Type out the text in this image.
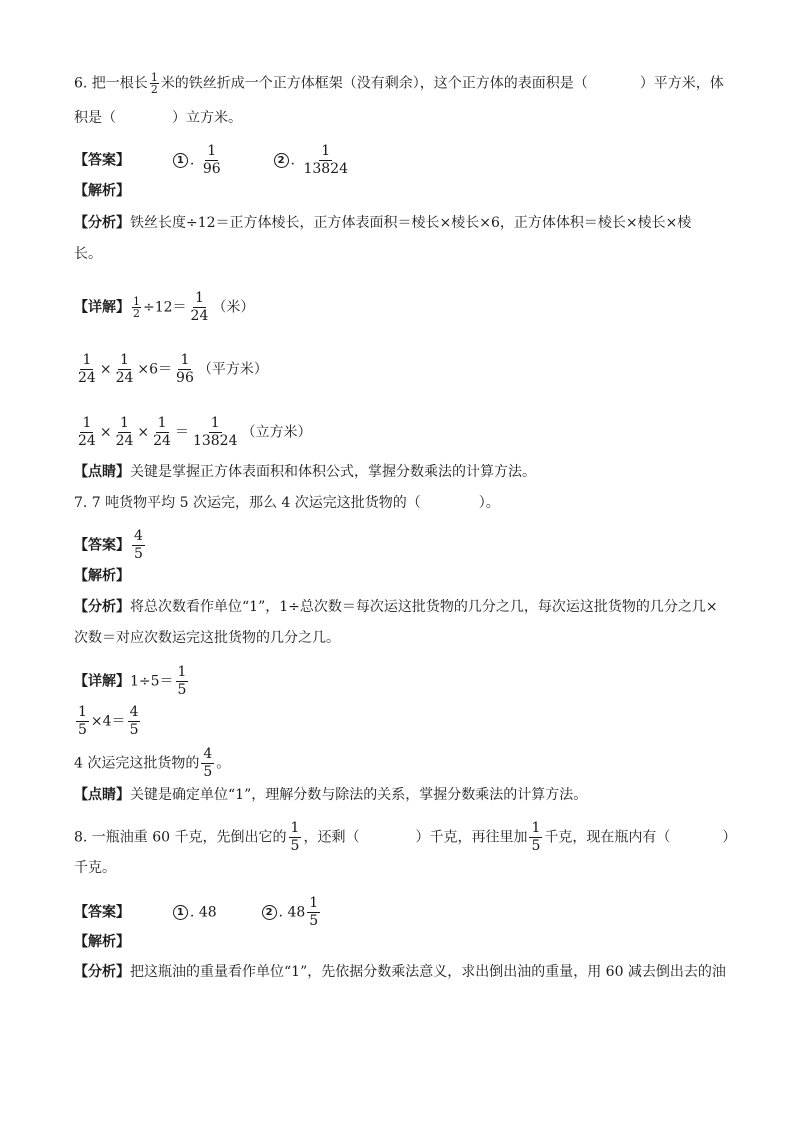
6. 把一根长 $\frac{1}{2}$ 米的铁丝折成一个正方体框架（没有剩余），这个正方体的表面积是（	）平方米，体
积是（	）立方米。
【答案】	1 . $\frac{1}{96}$	2 . $\frac{1}{13824}$
【解析】
【分析】铁丝长度÷12＝正方体棱长，正方体表面积＝棱长×棱长×6，正方体体积＝棱长×棱长×棱
长。
【详解】 $\frac{1}{2} \div 12= \frac{1}{24}$ （米）
$\frac{1}{24} \times \frac{1}{24} \times 6= \frac{1}{96}$ （平方米）
$\frac{1}{24} \times \frac{1}{24} \times \frac{1}{24} = \frac{1}{13824}$ （立方米）
【点睛】关键是掌握正方体表面积和体积公式，掌握分数乘法的计算方法。
7. 7 吨货物平均 5 次运完，那么 4 次运完这批货物的（	）。
【答案】 $\frac{4}{5}$
【解析】
【分析】将总次数看作单位“1”，1÷总次数＝每次运这批货物的几分之几，每次运这批货物的几分之几×
次数＝对应次数运完这批货物的几分之几。
【详解】$1\div 5= \frac{1}{5}$
$\frac{1}{5} \times 4= \frac{4}{5}$
4 次运完这批货物的 $\frac{4}{5}$ 。
【点睛】关键是确定单位“1”，理解分数与除法的关系，掌握分数乘法的计算方法。
8. 一瓶油重 60 千克，先倒出它的 $\frac{1}{5}$ ，还剩（	）千克，再往里加 $\frac{1}{5}$ 千克，现在瓶内有（	）
千克。
【答案】	1 . 48	2 . $48 \frac{1}{5}$
【解析】
【分析】把这瓶油的重量看作单位“1”，先依据分数乘法意义，求出倒出油的重量，用 60 减去倒出去的油
